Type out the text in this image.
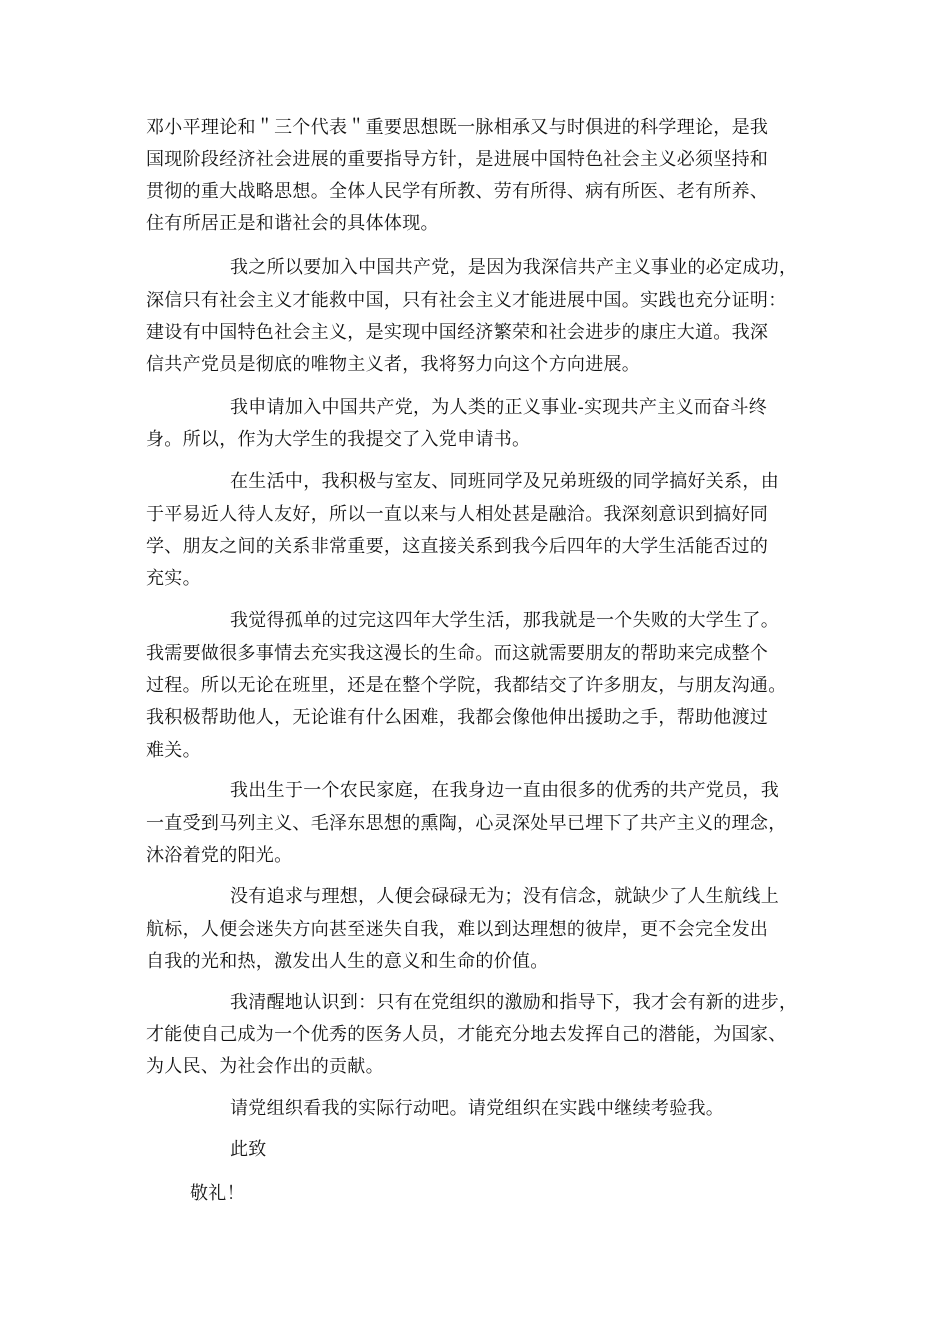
邓小平理论和＂三个代表＂重要思想既一脉相承又与时俱进的科学理论，是我
国现阶段经济社会进展的重要指导方针，是进展中国特色社会主义必须坚持和
贯彻的重大战略思想。全体人民学有所教、劳有所得、病有所医、老有所养、
住有所居正是和谐社会的具体体现。
我之所以要加入中国共产党，是因为我深信共产主义事业的必定成功，
深信只有社会主义才能救中国，只有社会主义才能进展中国。实践也充分证明：
建设有中国特色社会主义，是实现中国经济繁荣和社会进步的康庄大道。我深
信共产党员是彻底的唯物主义者，我将努力向这个方向进展。
我申请加入中国共产党，为人类的正义事业-实现共产主义而奋斗终
身。所以，作为大学生的我提交了入党申请书。
在生活中，我积极与室友、同班同学及兄弟班级的同学搞好关系，由
于平易近人待人友好，所以一直以来与人相处甚是融洽。我深刻意识到搞好同
学、朋友之间的关系非常重要，这直接关系到我今后四年的大学生活能否过的
充实。
我觉得孤单的过完这四年大学生活，那我就是一个失败的大学生了。
我需要做很多事情去充实我这漫长的生命。而这就需要朋友的帮助来完成整个
过程。所以无论在班里，还是在整个学院，我都结交了许多朋友，与朋友沟通。
我积极帮助他人，无论谁有什么困难，我都会像他伸出援助之手，帮助他渡过
难关。
我出生于一个农民家庭，在我身边一直由很多的优秀的共产党员，我
一直受到马列主义、毛泽东思想的熏陶，心灵深处早已埋下了共产主义的理念，
沐浴着党的阳光。
没有追求与理想，人便会碌碌无为；没有信念，就缺少了人生航线上
航标，人便会迷失方向甚至迷失自我，难以到达理想的彼岸，更不会完全发出
自我的光和热，激发出人生的意义和生命的价值。
我清醒地认识到：只有在党组织的激励和指导下，我才会有新的进步，
才能使自己成为一个优秀的医务人员，才能充分地去发挥自己的潜能，为国家、
为人民、为社会作出的贡献。
请党组织看我的实际行动吧。请党组织在实践中继续考验我。
此致
敬礼！
